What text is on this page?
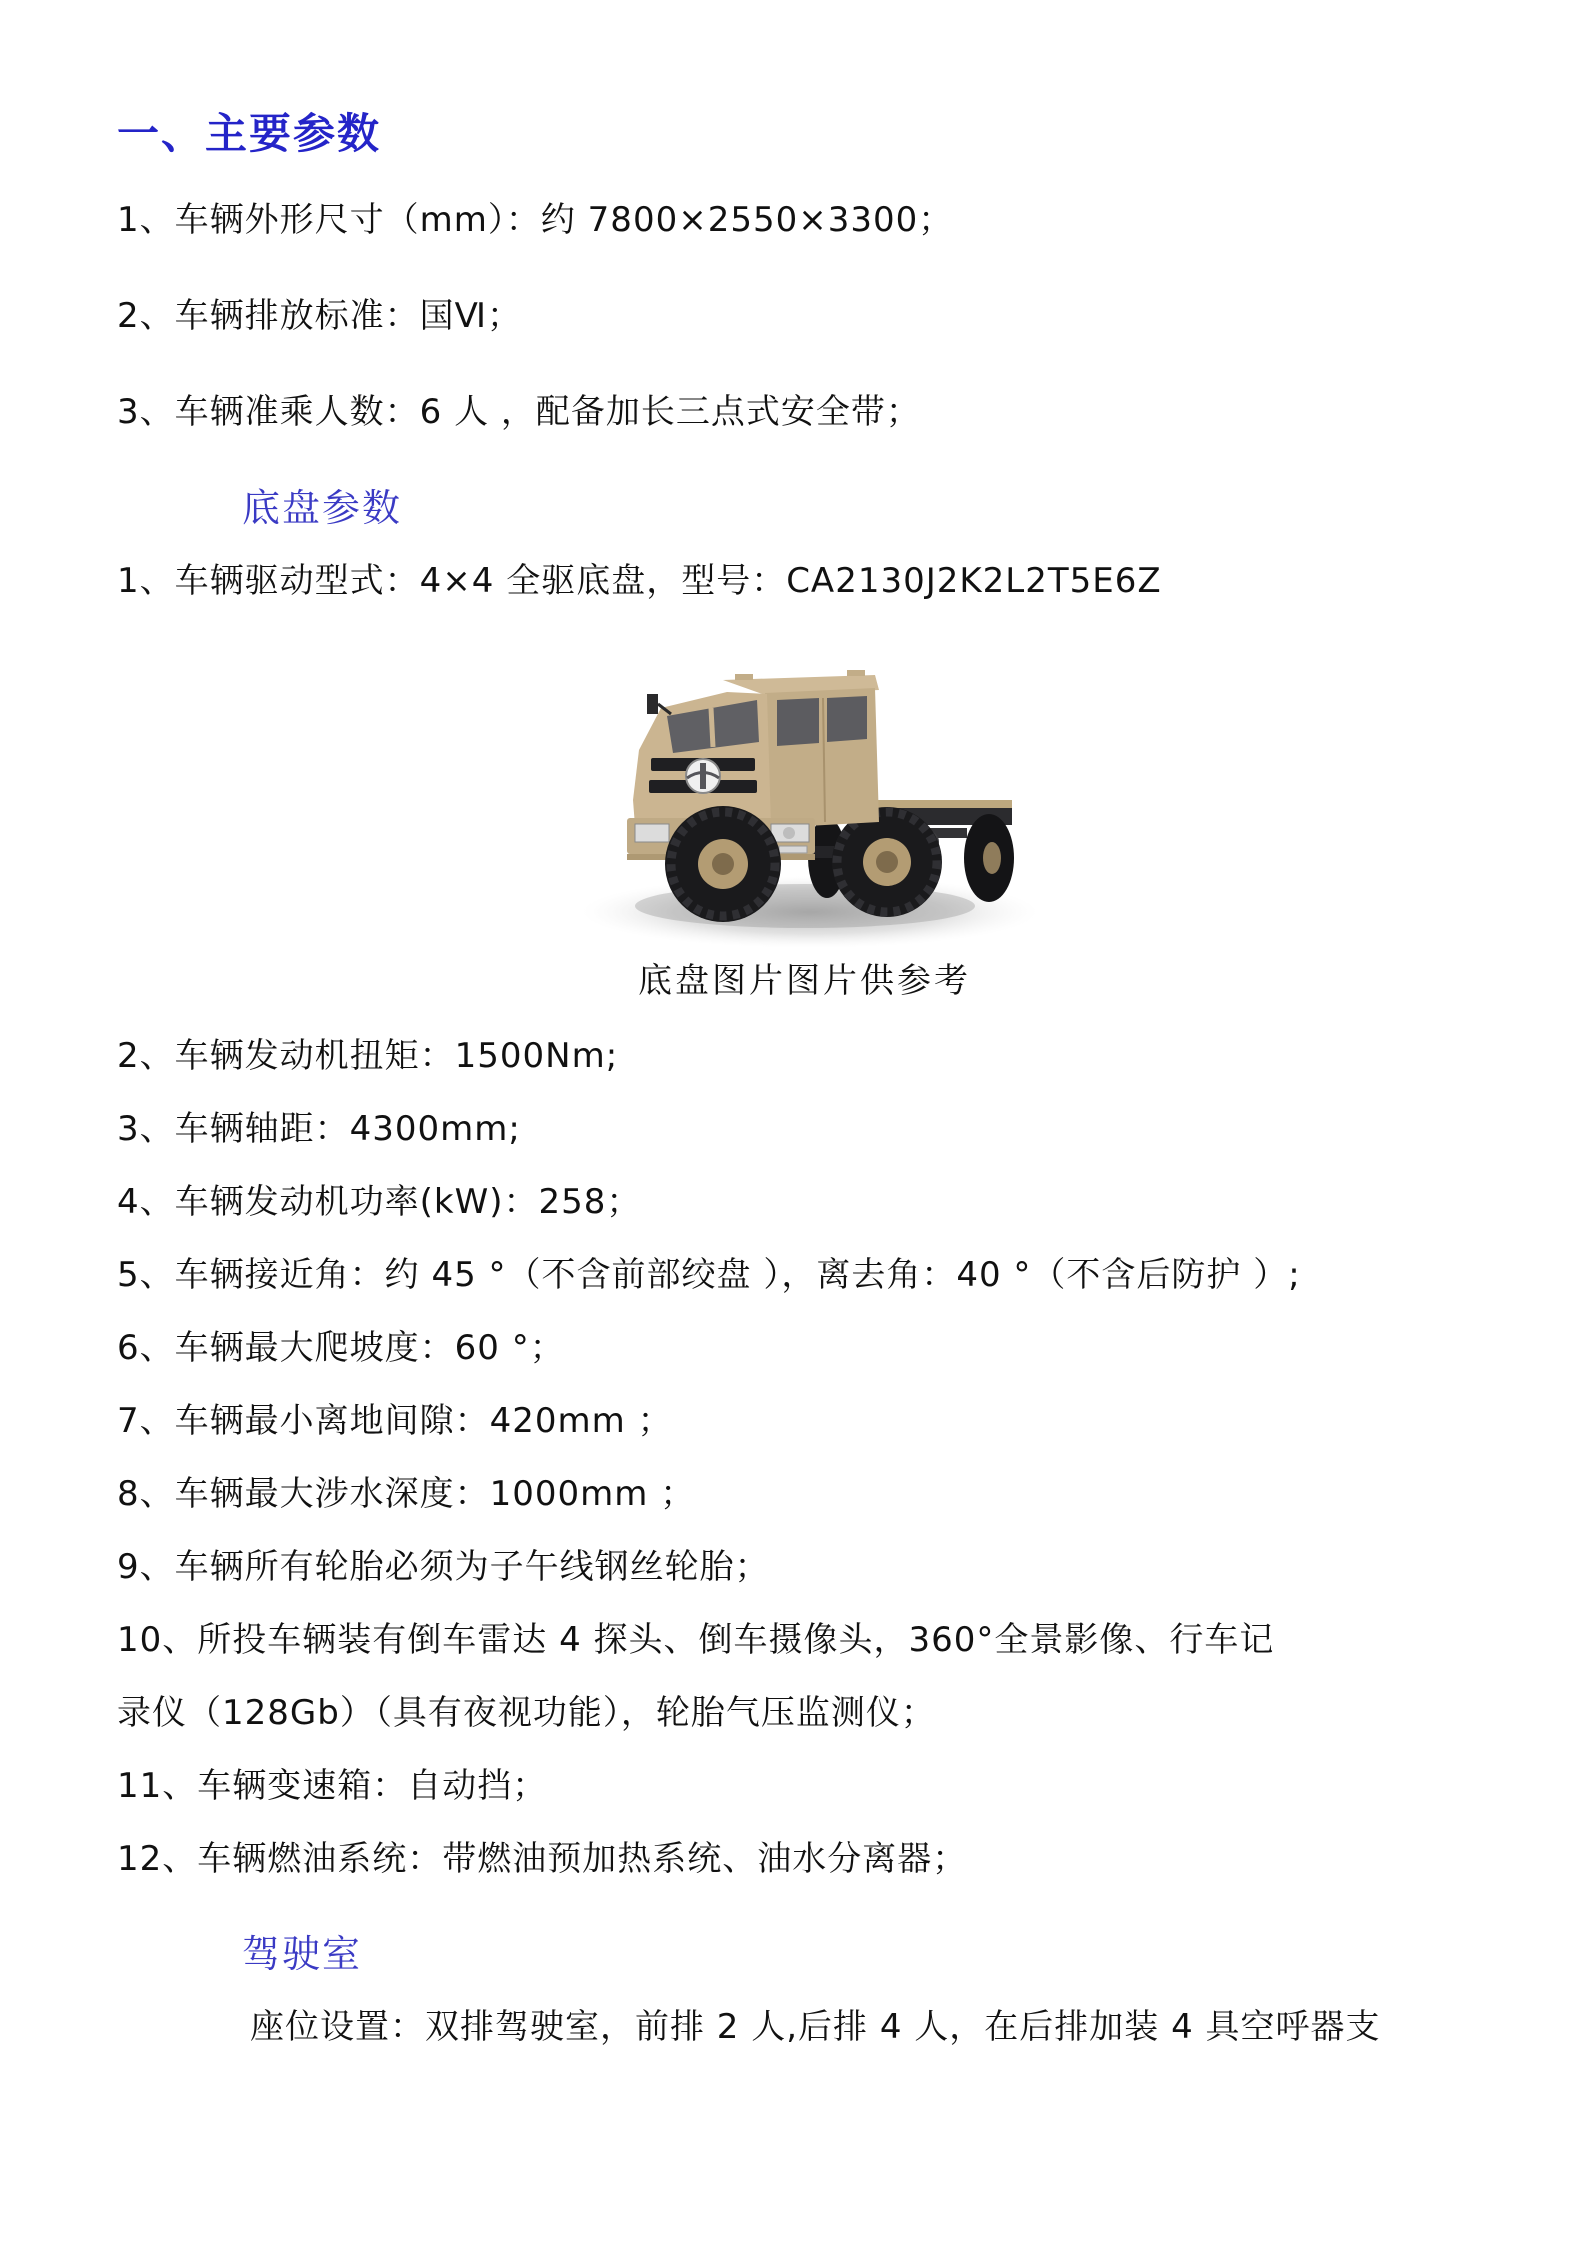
一、主要参数

1、车辆外形尺寸（mm）：约 7800×2550×3300；

2、车辆排放标准：国Ⅵ；

3、车辆准乘人数：6 人 ，配备加长三点式安全带；

底盘参数

1、车辆驱动型式：4×4 全驱底盘，型号：CA2130J2K2L2T5E6Z

底盘图片图片供参考

2、车辆发动机扭矩：1500Nm;

3、车辆轴距：4300mm;

4、车辆发动机功率(kW)：258；

5、车辆接近角：约 45 °（不含前部绞盘 ），离去角：40 °（不含后防护 ）;

6、车辆最大爬坡度：60 °；

7、车辆最小离地间隙：420mm ；

8、车辆最大涉水深度：1000mm ；

9、车辆所有轮胎必须为子午线钢丝轮胎；

10、所投车辆装有倒车雷达 4 探头、倒车摄像头，360°全景影像、行车记录仪（128Gb）（具有夜视功能），轮胎气压监测仪；

11、车辆变速箱：自动挡；

12、车辆燃油系统：带燃油预加热系统、油水分离器；

驾驶室

座位设置：双排驾驶室，前排 2 人,后排 4 人，在后排加装 4 具空呼器支
